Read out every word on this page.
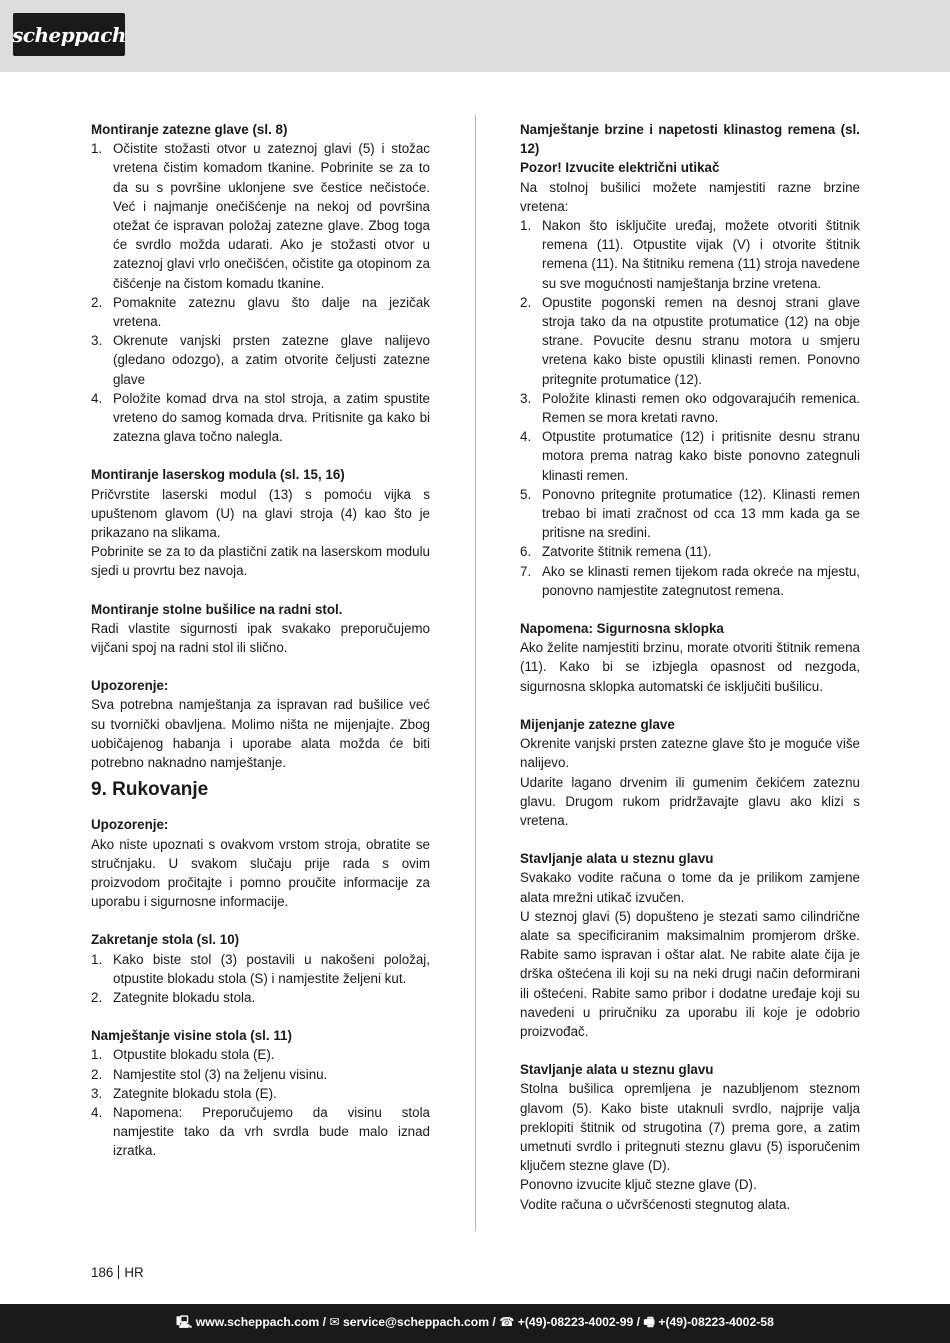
scheppach

Montiranje zatezne glave (sl. 8)

1. Očistite stožasti otvor u zateznoj glavi (5) i stožac vretena čistim komadom tkanine. Pobrinite se za to da su s površine uklonjene sve čestice nečistoće. Već i najmanje onečišćenje na nekoj od površina otežat će ispravan položaj zatezne glave. Zbog toga će svrdlo možda udarati. Ako je stožasti otvor u zateznoj glavi vrlo onečišćen, očistite ga otopinom za čišćenje na čistom komadu tkanine.
2. Pomaknite zateznu glavu što dalje na jezičak vretena.
3. Okrenute vanjski prsten zatezne glave nalijevo (gledano odozgo), a zatim otvorite čeljusti zatezne glave
4. Položite komad drva na stol stroja, a zatim spustite vreteno do samog komada drva. Pritisnite ga kako bi zatezna glava točno nalegla.

Montiranje laserskog modula (sl. 15, 16)

Pričvrstite laserski modul (13) s pomoću vijka s upuštenom glavom (U) na glavi stroja (4) kao što je prikazano na slikama.

Pobrinite se za to da plastični zatik na laserskom modulu sjedi u provrtu bez navoja.

Montiranje stolne bušilice na radni stol.

Radi vlastite sigurnosti ipak svakako preporučujemo vijčani spoj na radni stol ili slično.

Upozorenje:

Sva potrebna namještanja za ispravan rad bušilice već su tvornički obavljena. Molimo ništa ne mijenjajte. Zbog uobičajenog habanja i uporabe alata možda će biti potrebno naknadno namještanje.

9. Rukovanje

Upozorenje:

Ako niste upoznati s ovakvom vrstom stroja, obratite se stručnjaku. U svakom slučaju prije rada s ovim proizvodom pročitajte i pomno proučite informacije za uporabu i sigurnosne informacije.

Zakretanje stola (sl. 10)

1. Kako biste stol (3) postavili u nakošeni položaj, otpustite blokadu stola (S) i namjestite željeni kut.
2. Zategnite blokadu stola.

Namještanje visine stola (sl. 11)

1. Otpustite blokadu stola (E).
2. Namjestite stol (3) na željenu visinu.
3. Zategnite blokadu stola (E).
4. Napomena: Preporučujemo da visinu stola namjestite tako da vrh svrdla bude malo iznad izratka.

Namještanje brzine i napetosti klinastog remena (sl. 12)

Pozor! Izvucite električni utikač

Na stolnoj bušilici možete namjestiti razne brzine vretena:

1. Nakon što isključite uređaj, možete otvoriti štitnik remena (11). Otpustite vijak (V) i otvorite štitnik remena (11). Na štitniku remena (11) stroja navedene su sve mogućnosti namještanja brzine vretena.
2. Opustite pogonski remen na desnoj strani glave stroja tako da na otpustite protumatice (12) na obje strane. Povucite desnu stranu motora u smjeru vretena kako biste opustili klinasti remen. Ponovno pritegnite protumatice (12).
3. Položite klinasti remen oko odgovarajućih remenica. Remen se mora kretati ravno.
4. Otpustite protumatice (12) i pritisnite desnu stranu motora prema natrag kako biste ponovno zategnuli klinasti remen.
5. Ponovno pritegnite protumatice (12). Klinasti remen trebao bi imati zračnost od cca 13 mm kada ga se pritisne na sredini.
6. Zatvorite štitnik remena (11).
7. Ako se klinasti remen tijekom rada okreće na mjestu, ponovno namjestite zategnutost remena.

Napomena: Sigurnosna sklopka

Ako želite namjestiti brzinu, morate otvoriti štitnik remena (11). Kako bi se izbjegla opasnost od nezgoda, sigurnosna sklopka automatski će isključiti bušilicu.

Mijenjanje zatezne glave

Okrenite vanjski prsten zatezne glave što je moguće više nalijevo.

Udarite lagano drvenim ili gumenim čekićem zateznu glavu. Drugom rukom pridržavajte glavu ako klizi s vretena.

Stavljanje alata u steznu glavu

Svakako vodite računa o tome da je prilikom zamjene alata mrežni utikač izvučen.

U steznoj glavi (5) dopušteno je stezati samo cilindrične alate sa specificiranim maksimalnim promjerom drške. Rabite samo ispravan i oštar alat. Ne rabite alate čija je drška oštećena ili koji su na neki drugi način deformirani ili oštećeni. Rabite samo pribor i dodatne uređaje koji su navedeni u priručniku za uporabu ili koje je odobrio proizvođač.

Stavljanje alata u steznu glavu

Stolna bušilica opremljena je nazubljenom steznom glavom (5). Kako biste utaknuli svrdlo, najprije valja preklopiti štitnik od strugotina (7) prema gore, a zatim umetnuti svrdlo i pritegnuti steznu glavu (5) isporučenim ključem stezne glave (D).

Ponovno izvucite ključ stezne glave (D).

Vodite računa o učvršćenosti stegnutog alata.

186 HR
🖳 www.scheppach.com / ✉ service@scheppach.com / ☎ +(49)-08223-4002-99 / 🖷 +(49)-08223-4002-58
